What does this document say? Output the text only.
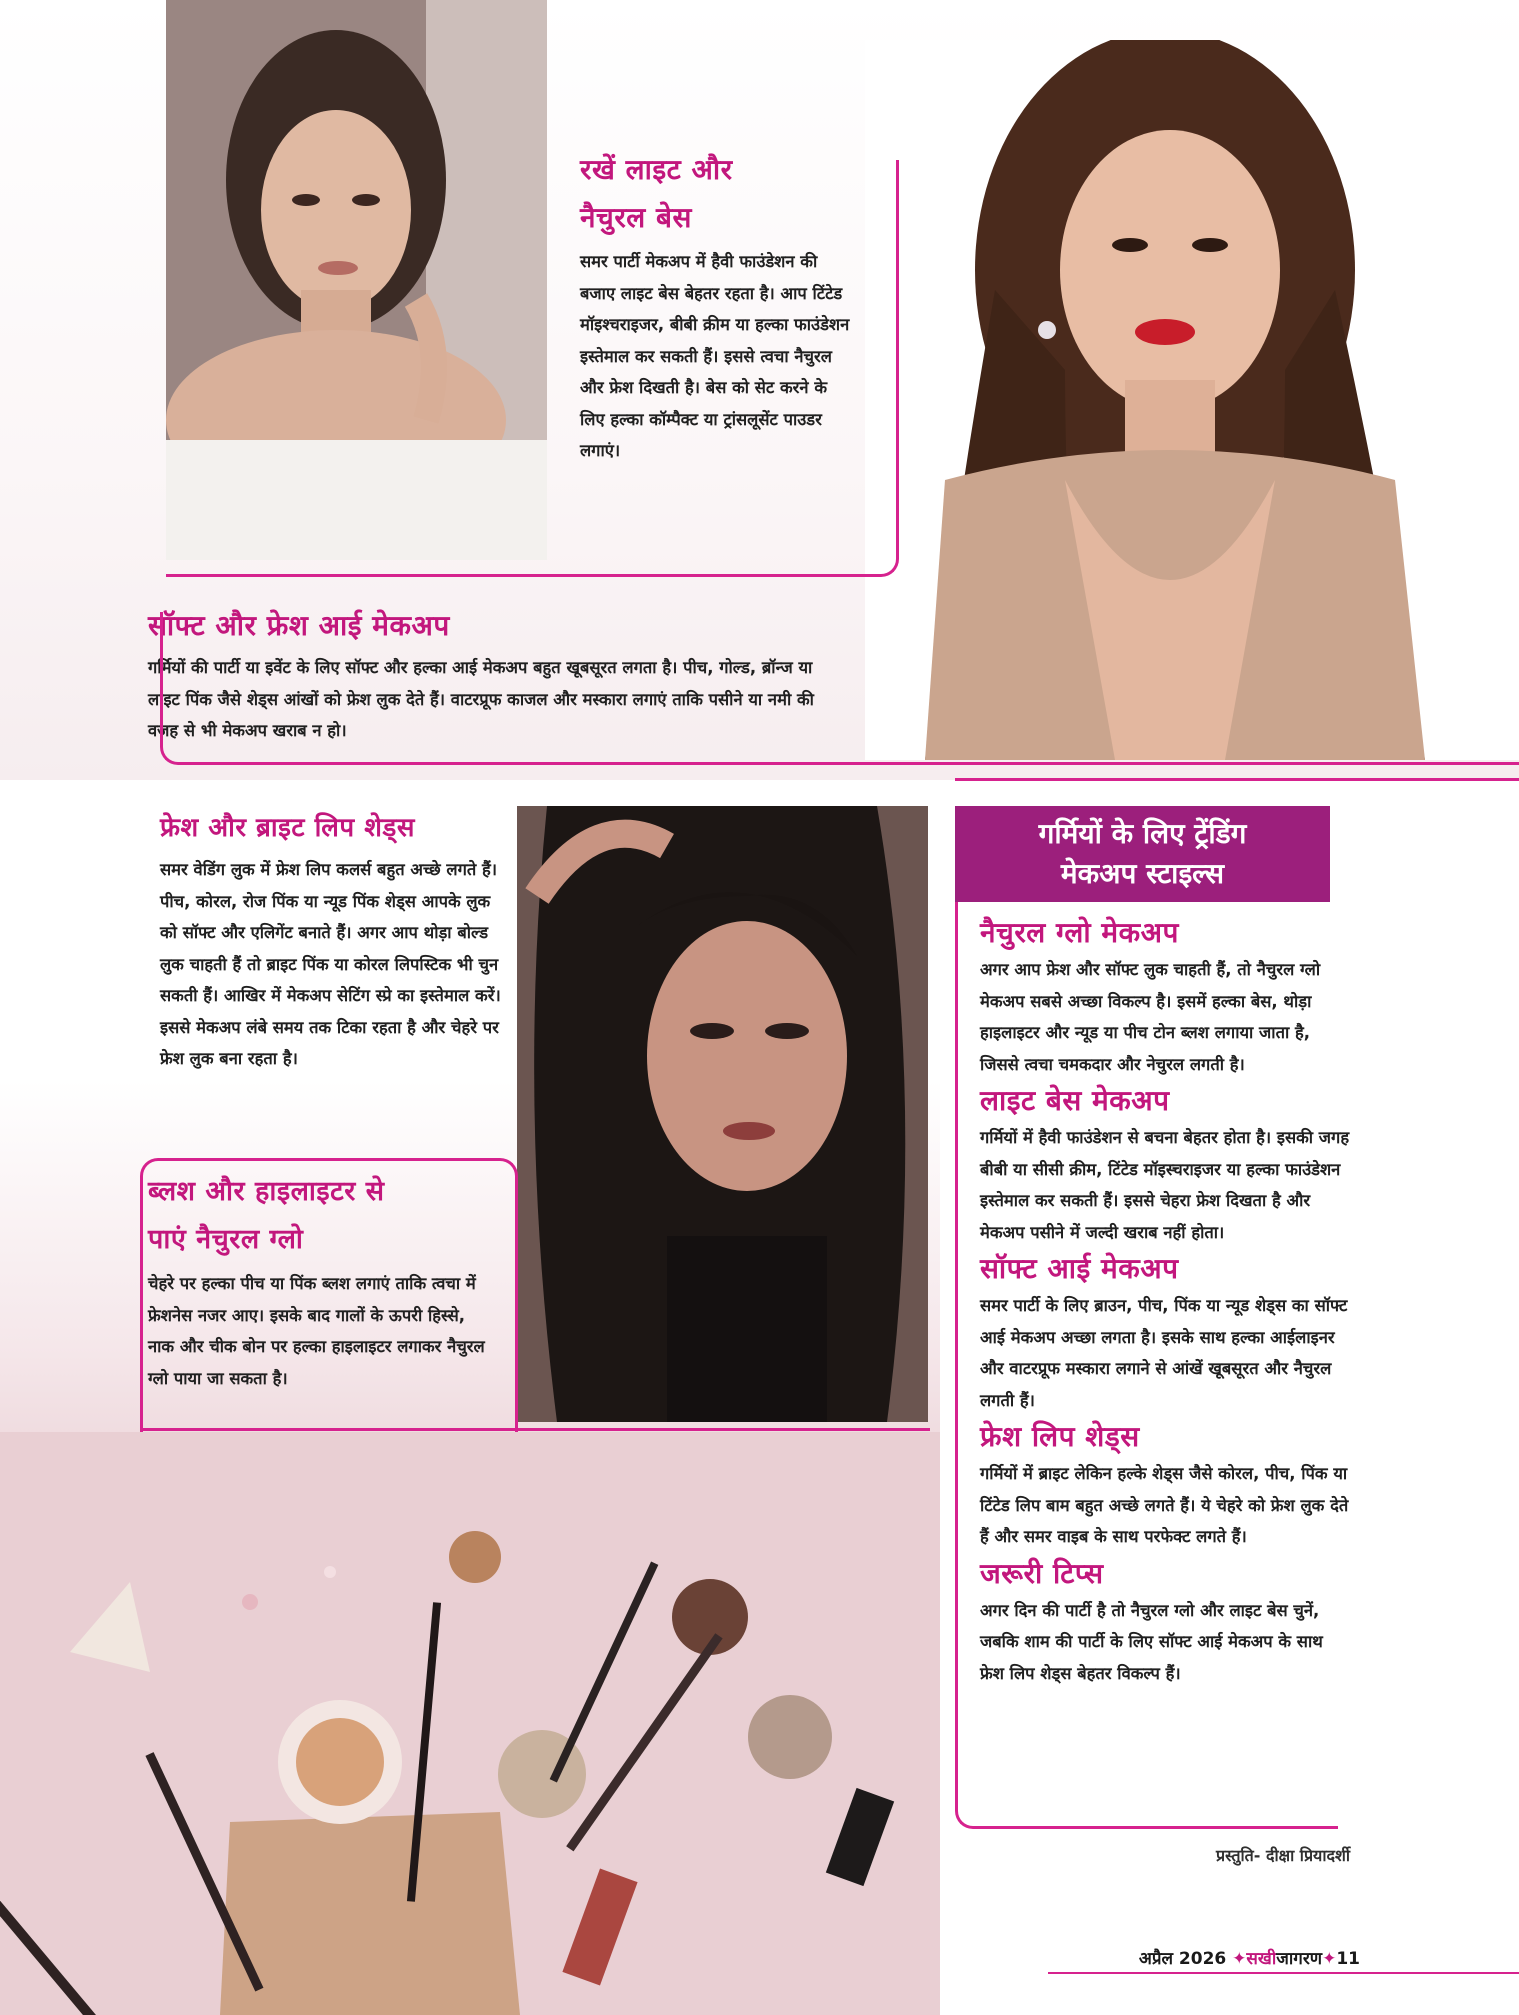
रखें लाइट और
नैचुरल बेस
समर पार्टी मेकअप में हैवी फाउंडेशन की बजाए लाइट बेस बेहतर रहता है। आप टिंटेड मॉइश्चराइजर, बीबी क्रीम या हल्का फाउंडेशन इस्तेमाल कर सकती हैं। इससे त्वचा नैचुरल और फ्रेश दिखती है। बेस को सेट करने के लिए हल्का कॉम्पैक्ट या ट्रांसलूसेंट पाउडर लगाएं।
सॉफ्ट और फ्रेश आई मेकअप
गर्मियों की पार्टी या इवेंट के लिए सॉफ्ट और हल्का आई मेकअप बहुत खूबसूरत लगता है। पीच, गोल्ड, ब्रॉन्ज या लाइट पिंक जैसे शेड्स आंखों को फ्रेश लुक देते हैं। वाटरप्रूफ काजल और मस्कारा लगाएं ताकि पसीने या नमी की वजह से भी मेकअप खराब न हो।
फ्रेश और ब्राइट लिप शेड्स
समर वेडिंग लुक में फ्रेश लिप कलर्स बहुत अच्छे लगते हैं। पीच, कोरल, रोज पिंक या न्यूड पिंक शेड्स आपके लुक को सॉफ्ट और एलिगेंट बनाते हैं। अगर आप थोड़ा बोल्ड लुक चाहती हैं तो ब्राइट पिंक या कोरल लिपस्टिक भी चुन सकती हैं। आखिर में मेकअप सेटिंग स्प्रे का इस्तेमाल करें। इससे मेकअप लंबे समय तक टिका रहता है और चेहरे पर फ्रेश लुक बना रहता है।
ब्लश और हाइलाइटर से
पाएं नैचुरल ग्लो
चेहरे पर हल्का पीच या पिंक ब्लश लगाएं ताकि त्वचा में फ्रेशनेस नजर आए। इसके बाद गालों के ऊपरी हिस्से, नाक और चीक बोन पर हल्का हाइलाइटर लगाकर नैचुरल ग्लो पाया जा सकता है।
गर्मियों के लिए ट्रेंडिंग
मेकअप स्टाइल्स
नैचुरल ग्लो मेकअप
अगर आप फ्रेश और सॉफ्ट लुक चाहती हैं, तो नैचुरल ग्लो मेकअप सबसे अच्छा विकल्प है। इसमें हल्का बेस, थोड़ा हाइलाइटर और न्यूड या पीच टोन ब्लश लगाया जाता है, जिससे त्वचा चमकदार और नेचुरल लगती है।
लाइट बेस मेकअप
गर्मियों में हैवी फाउंडेशन से बचना बेहतर होता है। इसकी जगह बीबी या सीसी क्रीम, टिंटेड मॉइस्चराइजर या हल्का फाउंडेशन इस्तेमाल कर सकती हैं। इससे चेहरा फ्रेश दिखता है और मेकअप पसीने में जल्दी खराब नहीं होता।
सॉफ्ट आई मेकअप
समर पार्टी के लिए ब्राउन, पीच, पिंक या न्यूड शेड्स का सॉफ्ट आई मेकअप अच्छा लगता है। इसके साथ हल्का आईलाइनर और वाटरप्रूफ मस्कारा लगाने से आंखें खूबसूरत और नैचुरल लगती हैं।
फ्रेश लिप शेड्स
गर्मियों में ब्राइट लेकिन हल्के शेड्स जैसे कोरल, पीच, पिंक या टिंटेड लिप बाम बहुत अच्छे लगते हैं। ये चेहरे को फ्रेश लुक देते हैं और समर वाइब के साथ परफेक्ट लगते हैं।
जरूरी टिप्स
अगर दिन की पार्टी है तो नैचुरल ग्लो और लाइट बेस चुनें, जबकि शाम की पार्टी के लिए सॉफ्ट आई मेकअप के साथ फ्रेश लिप शेड्स बेहतर विकल्प हैं।
प्रस्तुति- दीक्षा प्रियादर्शी
अप्रैल 2026 ✦सखीजागरण✦11
